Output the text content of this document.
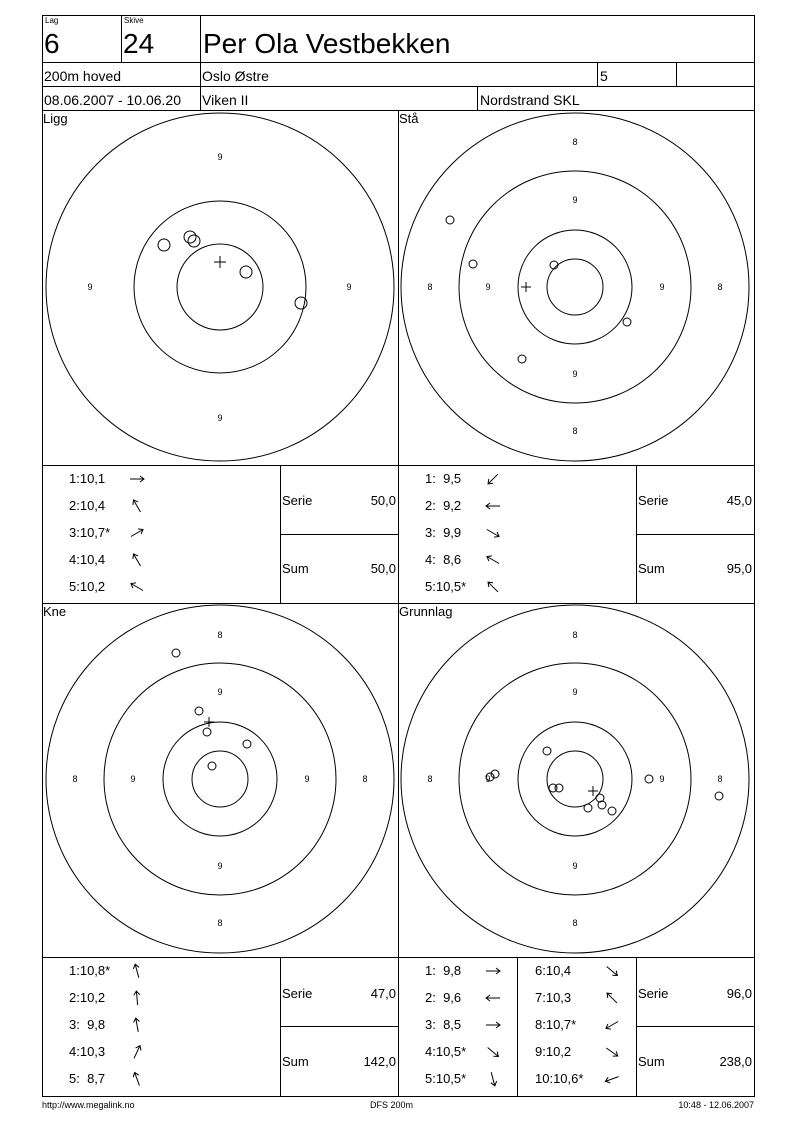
Lag
6
Skive
24 Per Ola Vestbekken
200m hoved	Oslo Østre	5
08.06.2007 - 10.06.20 Viken II	Nordstrand SKL
Ligg	Stå
Kne	Grunnlag
9
9
9	9
8
8
8	8
9
9
9	9
8
8
8	8
9
9
9	9
8
8
8	8
9
9
9	9
1:10,1
2:10,4
3:10,7*
4:10,4
5:10,2
1:  9,5
2:  9,2
3:  9,9
4:  8,6
5:10,5*
1:10,8*
2:10,2
3:  9,8
4:10,3
5:  8,7
1:  9,8
2:  9,6
3:  8,5
4:10,5*
5:10,5*
6:10,4
7:10,3
8:10,7*
9:10,2
10:10,6*
Serie	50,0
Sum	50,0
Serie	45,0
Sum	95,0
Serie	47,0
Sum	142,0
Serie	96,0
Sum	238,0
http://www.megalink.no	DFS 200m	10:48 - 12.06.2007
